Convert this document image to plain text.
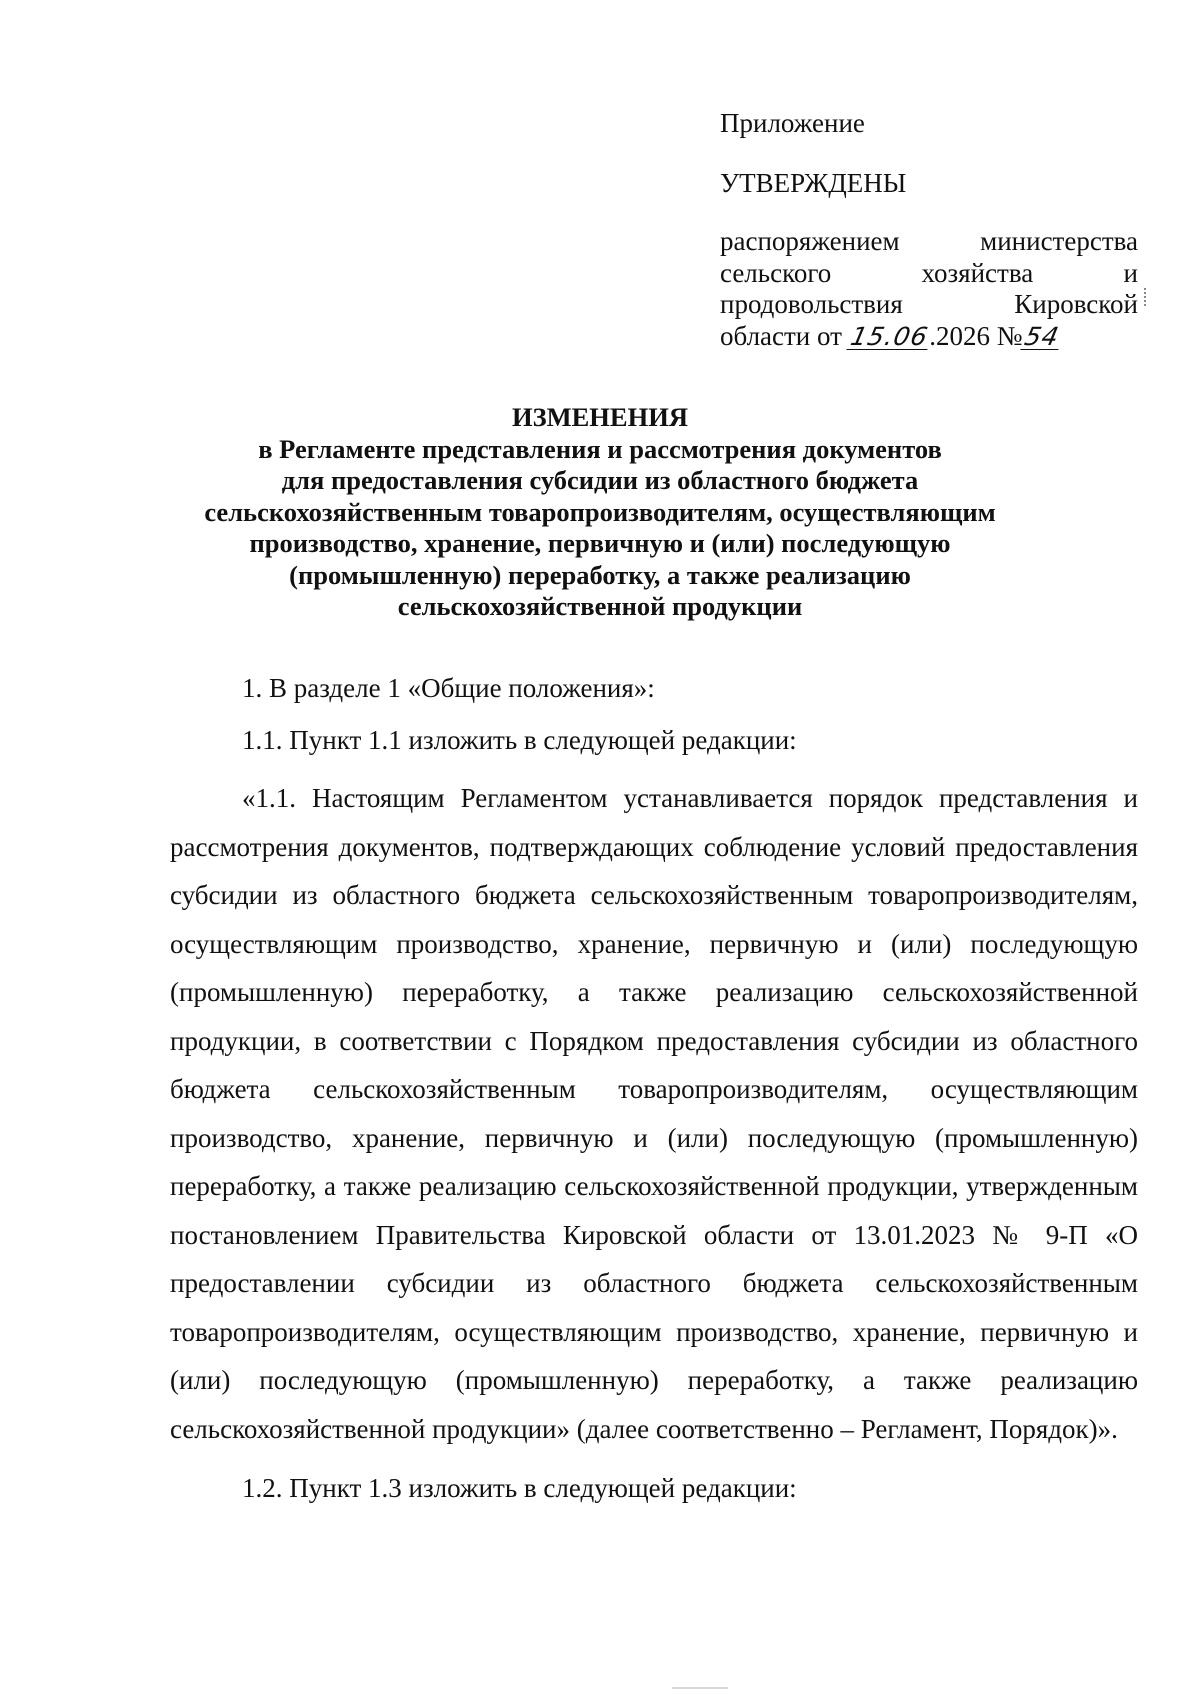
Приложение
УТВЕРЖДЕНЫ
распоряжением министерства
сельского хозяйства и
продовольствия Кировской
области от 15.06.2026 №54
ИЗМЕНЕНИЯ
в Регламенте представления и рассмотрения документов
для предоставления субсидии из областного бюджета
сельскохозяйственным товаропроизводителям, осуществляющим
производство, хранение, первичную и (или) последующую
(промышленную) переработку, а также реализацию
сельскохозяйственной продукции

1. В разделе 1 «Общие положения»:

1.1. Пункт 1.1 изложить в следующей редакции:

«1.1. Настоящим Регламентом устанавливается порядок представления и рассмотрения документов, подтверждающих соблюдение условий предоставления субсидии из областного бюджета сельскохозяйственным товаропроизводителям, осуществляющим производство, хранение, первичную и (или) последующую (промышленную) переработку, а также реализацию сельскохозяйственной продукции, в соответствии с Порядком предоставления субсидии из областного бюджета сельскохозяйственным товаропроизводителям, осуществляющим производство, хранение, первичную и (или) последующую (промышленную) переработку, а также реализацию сельскохозяйственной продукции, утвержденным постановлением Правительства Кировской области от 13.01.2023 № 9-П «О предоставлении субсидии из областного бюджета сельскохозяйственным товаропроизводителям, осуществляющим производство, хранение, первичную и (или) последующую (промышленную) переработку, а также реализацию сельскохозяйственной продукции» (далее соответственно – Регламент, Порядок)».

1.2. Пункт 1.3 изложить в следующей редакции:
